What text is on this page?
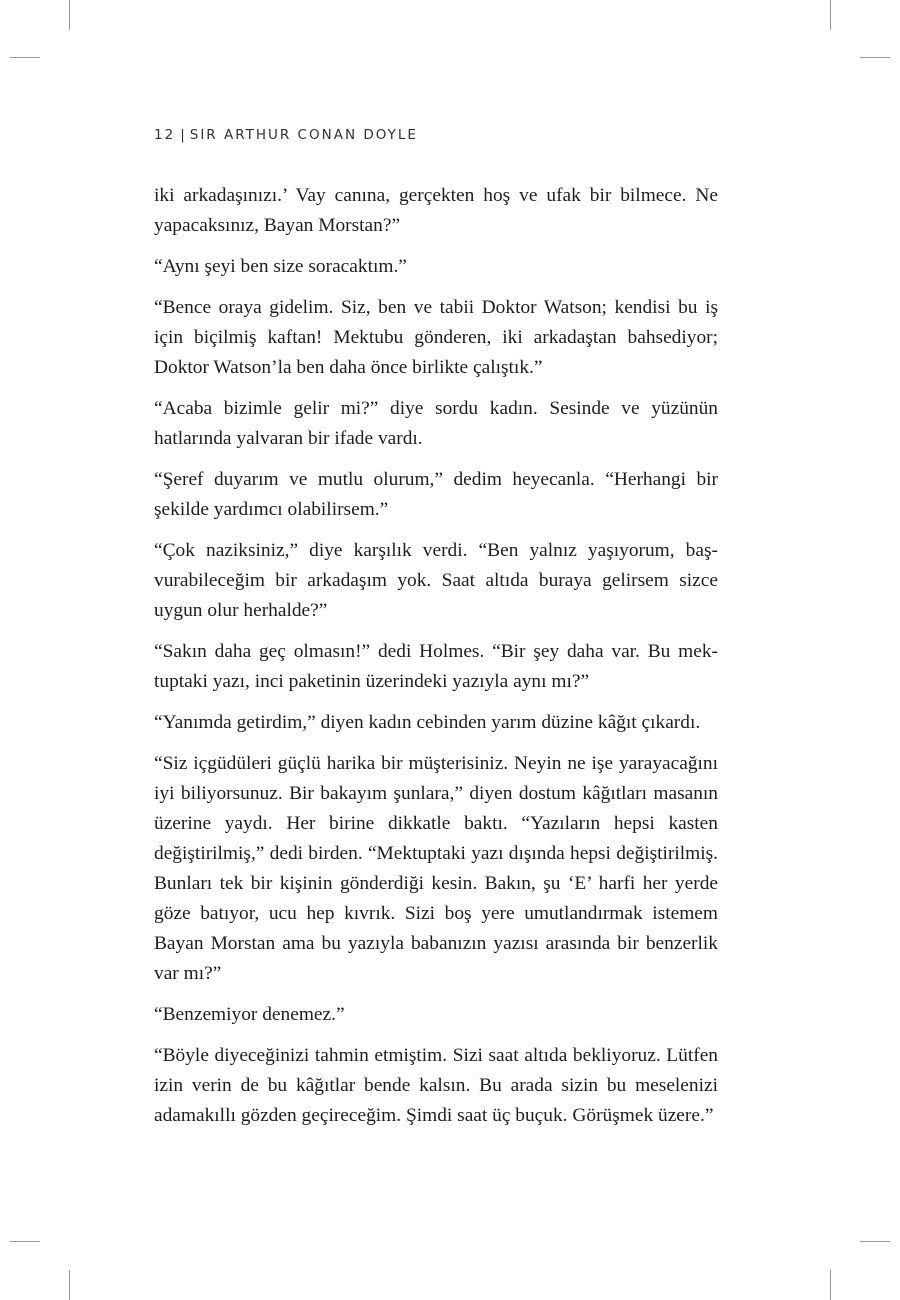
12 | SIR ARTHUR CONAN DOYLE

iki arkadaşınızı.’ Vay canına, gerçekten hoş ve ufak bir bilmece. Ne yapacaksınız, Bayan Morstan?”

“Aynı şeyi ben size soracaktım.”

“Bence oraya gidelim. Siz, ben ve tabii Doktor Watson; kendisi bu iş için biçilmiş kaftan! Mektubu gönderen, iki arkadaştan bahsediyor; Doktor Watson’la ben daha önce birlikte çalıştık.”

“Acaba bizimle gelir mi?” diye sordu kadın. Sesinde ve yüzünün hatlarında yalvaran bir ifade vardı.

“Şeref duyarım ve mutlu olurum,” dedim heyecanla. “Herhangi bir şekilde yardımcı olabilirsem.”

“Çok naziksiniz,” diye karşılık verdi. “Ben yalnız yaşıyorum, başvurabileceğim bir arkadaşım yok. Saat altıda buraya gelirsem sizce uygun olur herhalde?”

“Sakın daha geç olmasın!” dedi Holmes. “Bir şey daha var. Bu mektuptaki yazı, inci paketinin üzerindeki yazıyla aynı mı?”

“Yanımda getirdim,” diyen kadın cebinden yarım düzine kâğıt çıkardı.

“Siz içgüdüleri güçlü harika bir müşterisiniz. Neyin ne işe yarayacağını iyi biliyorsunuz. Bir bakayım şunlara,” diyen dostum kâğıtları masanın üzerine yaydı. Her birine dikkatle baktı. “Yazıların hepsi kasten değiştirilmiş,” dedi birden. “Mektuptaki yazı dışında hepsi değiştirilmiş. Bunları tek bir kişinin gönderdiği kesin. Bakın, şu ‘E’ harfi her yerde göze batıyor, ucu hep kıvrık. Sizi boş yere umutlandırmak istemem Bayan Morstan ama bu yazıyla babanızın yazısı arasında bir benzerlik var mı?”

“Benzemiyor denemez.”

“Böyle diyeceğinizi tahmin etmiştim. Sizi saat altıda bekliyoruz. Lütfen izin verin de bu kâğıtlar bende kalsın. Bu arada sizin bu meselenizi adamakıllı gözden geçireceğim. Şimdi saat üç buçuk. Görüşmek üzere.”
